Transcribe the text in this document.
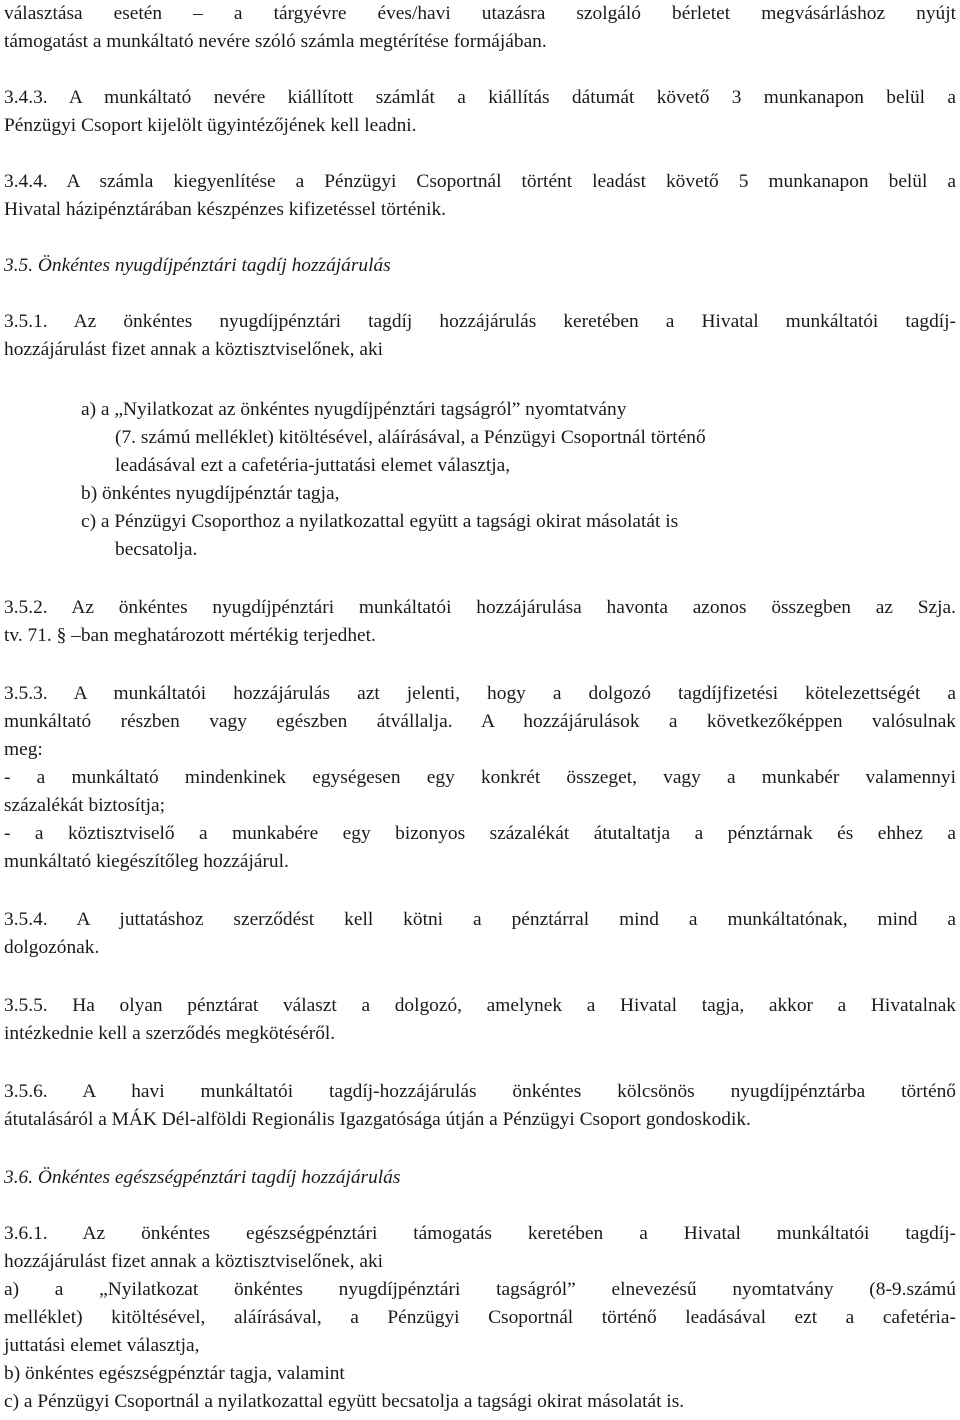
választása esetén – a tárgyévre éves/havi utazásra szolgáló bérletet megvásárláshoz nyújt
támogatást a munkáltató nevére szóló számla megtérítése formájában.
3.4.3. A munkáltató nevére kiállított számlát a kiállítás dátumát követő 3 munkanapon belül a
Pénzügyi Csoport kijelölt ügyintézőjének kell leadni.
3.4.4. A számla kiegyenlítése a Pénzügyi Csoportnál történt leadást követő 5 munkanapon belül a
Hivatal házipénztárában készpénzes kifizetéssel történik.
3.5. Önkéntes nyugdíjpénztári tagdíj hozzájárulás
3.5.1. Az önkéntes nyugdíjpénztári tagdíj hozzájárulás keretében a Hivatal munkáltatói tagdíj-
hozzájárulást fizet annak a köztisztviselőnek, aki
a) a „Nyilatkozat az önkéntes nyugdíjpénztári tagságról” nyomtatvány
(7. számú melléklet) kitöltésével, aláírásával, a Pénzügyi Csoportnál történő
leadásával ezt a cafetéria-juttatási elemet választja,
b) önkéntes nyugdíjpénztár tagja,
c) a Pénzügyi Csoporthoz a nyilatkozattal együtt a tagsági okirat másolatát is
becsatolja.
3.5.2. Az önkéntes nyugdíjpénztári munkáltatói hozzájárulása havonta azonos összegben az Szja.
tv. 71. § –ban meghatározott mértékig terjedhet.
3.5.3. A munkáltatói hozzájárulás azt jelenti, hogy a dolgozó tagdíjfizetési kötelezettségét a
munkáltató részben vagy egészben átvállalja. A hozzájárulások a következőképpen valósulnak
meg:
- a munkáltató mindenkinek egységesen egy konkrét összeget, vagy a munkabér valamennyi
százalékát biztosítja;
- a köztisztviselő a munkabére egy bizonyos százalékát átutaltatja a pénztárnak és ehhez a
munkáltató kiegészítőleg hozzájárul.
3.5.4. A juttatáshoz szerződést kell kötni a pénztárral mind a munkáltatónak, mind a
dolgozónak.
3.5.5. Ha olyan pénztárat választ a dolgozó, amelynek a Hivatal tagja, akkor a Hivatalnak
intézkednie kell a szerződés megkötéséről.
3.5.6. A havi munkáltatói tagdíj-hozzájárulás önkéntes kölcsönös nyugdíjpénztárba történő
átutalásáról a MÁK Dél-alföldi Regionális Igazgatósága útján a Pénzügyi Csoport gondoskodik.
3.6. Önkéntes egészségpénztári tagdíj hozzájárulás
3.6.1. Az önkéntes egészségpénztári támogatás keretében a Hivatal munkáltatói tagdíj-
hozzájárulást fizet annak a köztisztviselőnek, aki
a) a „Nyilatkozat önkéntes nyugdíjpénztári tagságról” elnevezésű nyomtatvány (8-9.számú
melléklet) kitöltésével, aláírásával, a Pénzügyi Csoportnál történő leadásával ezt a cafetéria-
juttatási elemet választja,
b) önkéntes egészségpénztár tagja, valamint
c) a Pénzügyi Csoportnál a nyilatkozattal együtt becsatolja a tagsági okirat másolatát is.
